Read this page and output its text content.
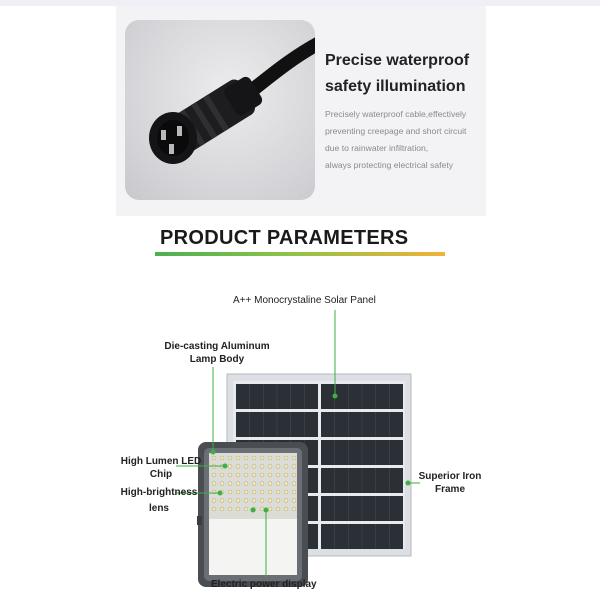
Precise waterproof
safety illumination
Precisely waterproof cable,effectively
preventing creepage and short circuit
due to rainwater infiltration,
always protecting electrical safety
PRODUCT PARAMETERS
A++ Monocrystaline Solar Panel
Die-casting Aluminum
Lamp Body
High Lumen LED
Chip
High-brightness
lens
Superior Iron
Frame
Electric power display
